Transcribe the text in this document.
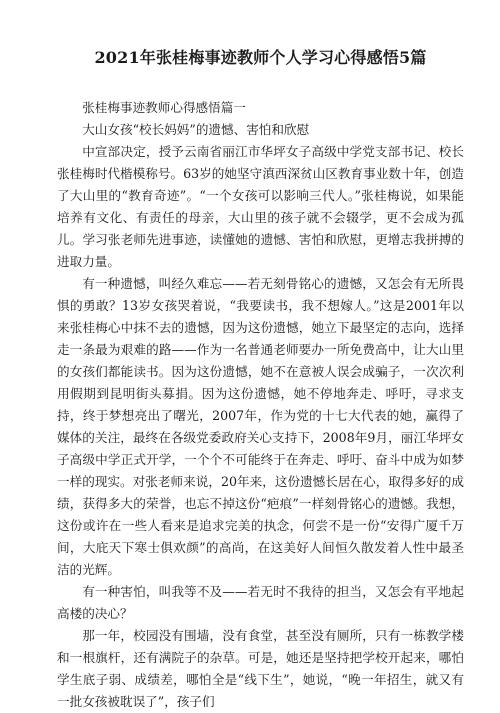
2021年张桂梅事迹教师个人学习心得感悟5篇

张桂梅事迹教师心得感悟篇一

大山女孩“校长妈妈”的遗憾、害怕和欣慰

中宣部决定，授予云南省丽江市华坪女子高级中学党支部书记、校长张桂梅时代楷模称号。63岁的她坚守滇西深贫山区教育事业数十年，创造了大山里的“教育奇迹”。“一个女孩可以影响三代人。”张桂梅说，如果能培养有文化、有责任的母亲，大山里的孩子就不会辍学，更不会成为孤儿。学习张老师先进事迹，读懂她的遗憾、害怕和欣慰，更增志我拼搏的进取力量。

有一种遗憾，叫经久难忘——若无刻骨铭心的遗憾，又怎会有无所畏惧的勇敢？13岁女孩哭着说，“我要读书，我不想嫁人。”这是2001年以来张桂梅心中抹不去的遗憾，因为这份遗憾，她立下最坚定的志向，选择走一条最为艰难的路——作为一名普通老师要办一所免费高中，让大山里的女孩们都能读书。因为这份遗憾，她不在意被人误会成骗子，一次次利用假期到昆明街头募捐。因为这份遗憾，她不停地奔走、呼吁，寻求支持，终于梦想亮出了曙光，2007年，作为党的十七大代表的她，赢得了媒体的关注，最终在各级党委政府关心支持下，2008年9月，丽江华坪女子高级中学正式开学，一个个不可能终于在奔走、呼吁、奋斗中成为如梦一样的现实。对张老师来说，20年来，这份遗憾长居在心，取得多好的成绩，获得多大的荣誉，也忘不掉这份“疤痕”一样刻骨铭心的遗憾。我想，这份或许在一些人看来是追求完美的执念，何尝不是一份“安得广厦千万间，大庇天下寒士俱欢颜”的高尚，在这美好人间恒久散发着人性中最圣洁的光辉。

有一种害怕，叫我等不及——若无时不我待的担当，又怎会有平地起高楼的决心？

那一年，校园没有围墙，没有食堂，甚至没有厕所，只有一栋教学楼和一根旗杆，还有满院子的杂草。可是，她还是坚持把学校开起来，哪怕学生底子弱、成绩差，哪怕全是“线下生”，她说，“晚一年招生，就又有一批女孩被耽误了”，孩子们
